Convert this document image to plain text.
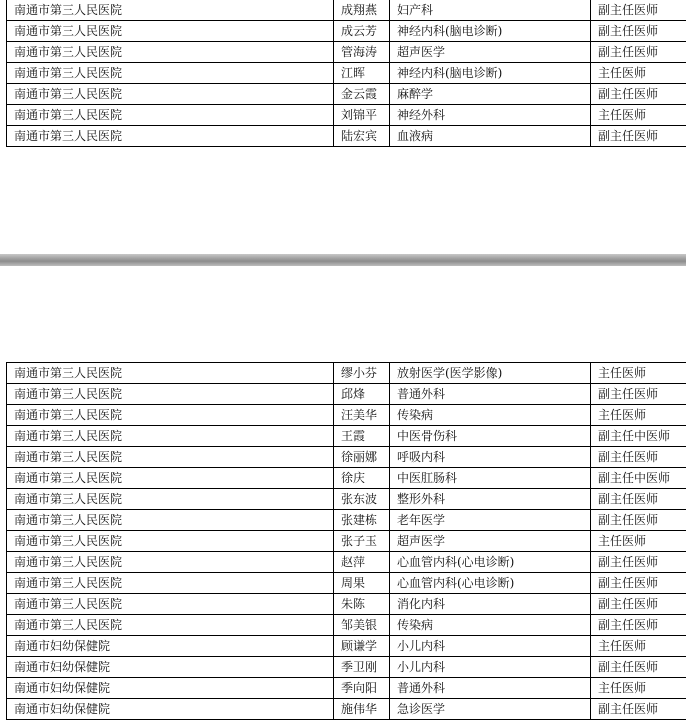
南通市第三人民医院	成翔燕	妇产科	副主任医师
南通市第三人民医院	成云芳	神经内科(脑电诊断)	副主任医师
南通市第三人民医院	管海涛	超声医学	副主任医师
南通市第三人民医院	江晖	神经内科(脑电诊断)	主任医师
南通市第三人民医院	金云霞	麻醉学	副主任医师
南通市第三人民医院	刘锦平	神经外科	主任医师
南通市第三人民医院	陆宏宾	血液病	副主任医师
南通市第三人民医院	缪小芬	放射医学(医学影像)	主任医师
南通市第三人民医院	邱烽	普通外科	副主任医师
南通市第三人民医院	汪美华	传染病	主任医师
南通市第三人民医院	王霞	中医骨伤科	副主任中医师
南通市第三人民医院	徐丽娜	呼吸内科	副主任医师
南通市第三人民医院	徐庆	中医肛肠科	副主任中医师
南通市第三人民医院	张东波	整形外科	副主任医师
南通市第三人民医院	张建栋	老年医学	副主任医师
南通市第三人民医院	张子玉	超声医学	主任医师
南通市第三人民医院	赵萍	心血管内科(心电诊断)	副主任医师
南通市第三人民医院	周果	心血管内科(心电诊断)	副主任医师
南通市第三人民医院	朱陈	消化内科	副主任医师
南通市第三人民医院	邹美银	传染病	副主任医师
南通市妇幼保健院	顾谦学	小儿内科	主任医师
南通市妇幼保健院	季卫刚	小儿内科	副主任医师
南通市妇幼保健院	季向阳	普通外科	主任医师
南通市妇幼保健院	施伟华	急诊医学	副主任医师
